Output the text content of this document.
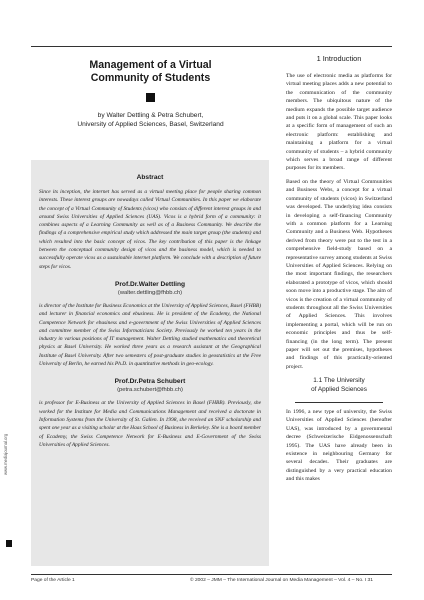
Management of a Virtual
Community of Students

by Walter Dettling & Petra Schubert,
University of Applied Sciences, Basel, Switzerland
Abstract

Since its inception, the internet has served as a virtual meeting place for people sharing common interests. These interest groups are nowadays called Virtual Communities. In this paper we elaborate the concept of a Virtual Community of Students (vicos) who consists of different interest groups in and around Swiss Universities of Applied Sciences (UAS). Vicos is a hybrid form of a community: it combines aspects of a Learning Community as well as of a Business Community. We describe the findings of a comprehensive empirical study which addressed the main target group (the students) and which resulted into the basic concept of vicos. The key contribution of this paper is the linkage between the conceptual community design of vicos and the business model, which is needed to successfully operate vicos as a sustainable internet platform. We conclude with a description of future steps for vicos.

Prof.Dr.Walter Dettling
(walter.dettling@fhbb.ch)

is director of the Institute for Business Economics at the University of Applied Sciences, Basel (FHBB) and lecturer in financial economics and ebusiness. He is president of the Ecademy, the National Competence Network for ebusiness and e-government of the Swiss Universities of Applied Sciences and committee member of the Swiss Informaticians Society. Previously he worked ten years in the industry in various positions of IT management. Walter Dettling studied mathematics and theoretical physics at Basel University. He worked three years as a research assistant at the Geographical Institute of Basel University. After two semesters of post-graduate studies in geostatistics at the Free University of Berlin, he earned his Ph.D. in quantitative methods in geo-ecology.

Prof.Dr.Petra Schubert
(petra.schubert@fhbb.ch)

is professor for E-Business at the University of Applied Sciences in Basel (FHBB). Previously, she worked for the Institute for Media and Communications Management and received a doctorate in Information Systems from the University of St. Gallen. In 1998, she received an SNF scholarship and spent one year as a visiting scholar at the Haas School of Business in Berkeley. She is a board member of Ecademy, the Swiss Competence Network for E-Business and E-Government of the Swiss Universities of Applied Sciences.

www.mediajournal.org
1 Introduction

The use of electronic media as platforms for virtual meeting places adds a new potential to the communication of the community members. The ubiquitous nature of the medium expands the possible target audience and puts it on a global scale. This paper looks at a specific form of management of such an electronic platform: establishing and maintaining a platform for a virtual community of students – a hybrid community which serves a broad range of different purposes for its members.

Based on the theory of Virtual Communities and Business Webs, a concept for a virtual community of students (vicos) in Switzerland was developed. The underlying idea consists in developing a self-financing Community with a common platform for a Learning Community and a Business Web. Hypotheses derived from theory were put to the test in a comprehensive field-study based on a representative survey among students at Swiss Universities of Applied Sciences. Relying on the most important findings, the researchers elaborated a prototype of vicos, which should soon move into a productive stage. The aim of vicos is the creation of a virtual community of students throughout all the Swiss Universities of Applied Sciences. This involves implementing a portal, which will be run on economic principles and thus be self-financing (in the long term). The present paper will set out the premises, hypotheses and findings of this practically-oriented project.

1.1 The University
of Applied Sciences

In 1996, a new type of university, the Swiss Universities of Applied Sciences (hereafter UAS), was introduced by a governmental decree (Schweizerische Eidgenossenschaft 1995). The UAS have already been in existence in neighbouring Germany for several decades. Their graduates are distinguished by a very practical education and this makes

Page of the Article 1	© 2002 – JMM – The International Journal on Media Management – Vol. 4 – No. I 31
